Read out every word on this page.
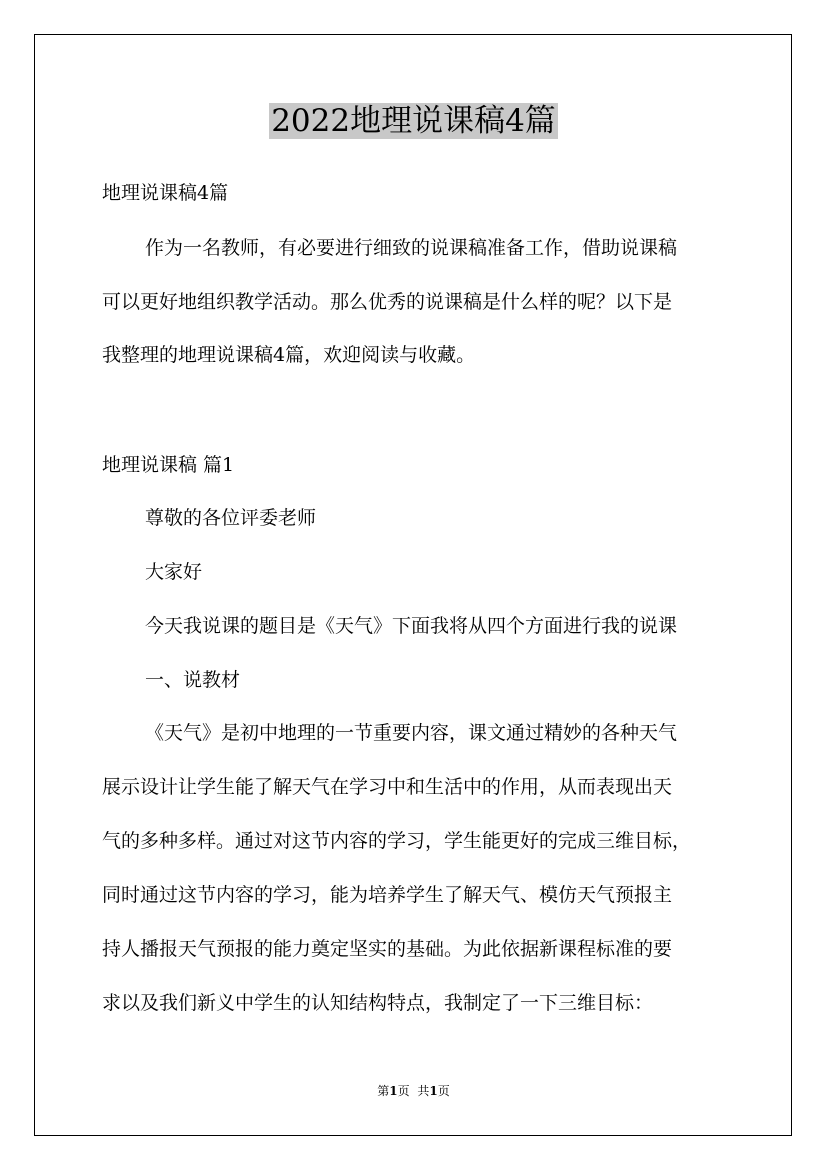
2022地理说课稿4篇
地理说课稿4篇
作为一名教师，有必要进行细致的说课稿准备工作，借助说课稿
可以更好地组织教学活动。那么优秀的说课稿是什么样的呢？以下是
我整理的地理说课稿4篇，欢迎阅读与收藏。
地理说课稿 篇1
尊敬的各位评委老师
大家好
今天我说课的题目是《天气》下面我将从四个方面进行我的说课
一、说教材
《天气》是初中地理的一节重要内容，课文通过精妙的各种天气
展示设计让学生能了解天气在学习中和生活中的作用，从而表现出天
气的多种多样。通过对这节内容的学习，学生能更好的完成三维目标，
同时通过这节内容的学习，能为培养学生了解天气、模仿天气预报主
持人播报天气预报的能力奠定坚实的基础。为此依据新课程标准的要
求以及我们新义中学生的认知结构特点，我制定了一下三维目标：
第1页 共1页
